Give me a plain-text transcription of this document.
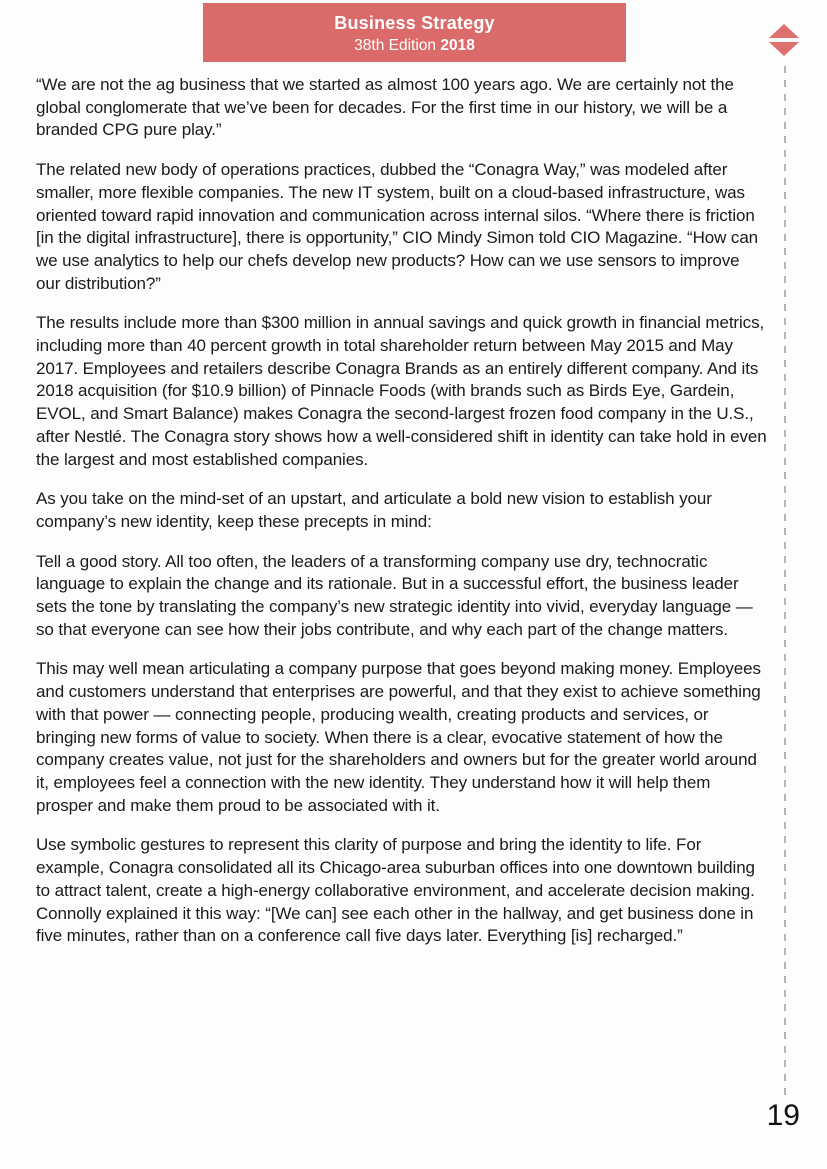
Business Strategy
38th Edition 2018

“We are not the ag business that we started as almost 100 years ago. We are certainly not the global conglomerate that we’ve been for decades. For the first time in our history, we will be a branded CPG pure play.”

The related new body of operations practices, dubbed the “Conagra Way,” was modeled after smaller, more flexible companies. The new IT system, built on a cloud-based infrastructure, was oriented toward rapid innovation and communication across internal silos. “Where there is friction [in the digital infrastructure], there is opportunity,” CIO Mindy Simon told CIO Magazine. “How can we use analytics to help our chefs develop new products? How can we use sensors to improve our distribution?”

The results include more than $300 million in annual savings and quick growth in financial metrics, including more than 40 percent growth in total shareholder return between May 2015 and May 2017. Employees and retailers describe Conagra Brands as an entirely different company. And its 2018 acquisition (for $10.9 billion) of Pinnacle Foods (with brands such as Birds Eye, Gardein, EVOL, and Smart Balance) makes Conagra the second-largest frozen food company in the U.S., after Nestlé. The Conagra story shows how a well-considered shift in identity can take hold in even the largest and most established companies.

As you take on the mind-set of an upstart, and articulate a bold new vision to establish your company’s new identity, keep these precepts in mind:

Tell a good story. All too often, the leaders of a transforming company use dry, technocratic language to explain the change and its rationale. But in a successful effort, the business leader sets the tone by translating the company’s new strategic identity into vivid, everyday language — so that everyone can see how their jobs contribute, and why each part of the change matters.

This may well mean articulating a company purpose that goes beyond making money. Employees and customers understand that enterprises are powerful, and that they exist to achieve something with that power — connecting people, producing wealth, creating products and services, or bringing new forms of value to society. When there is a clear, evocative statement of how the company creates value, not just for the shareholders and owners but for the greater world around it, employees feel a connection with the new identity. They understand how it will help them prosper and make them proud to be associated with it.

Use symbolic gestures to represent this clarity of purpose and bring the identity to life. For example, Conagra consolidated all its Chicago-area suburban offices into one downtown building to attract talent, create a high-energy collaborative environment, and accelerate decision making. Connolly explained it this way: “[We can] see each other in the hallway, and get business done in five minutes, rather than on a conference call five days later. Everything [is] recharged.”

19
